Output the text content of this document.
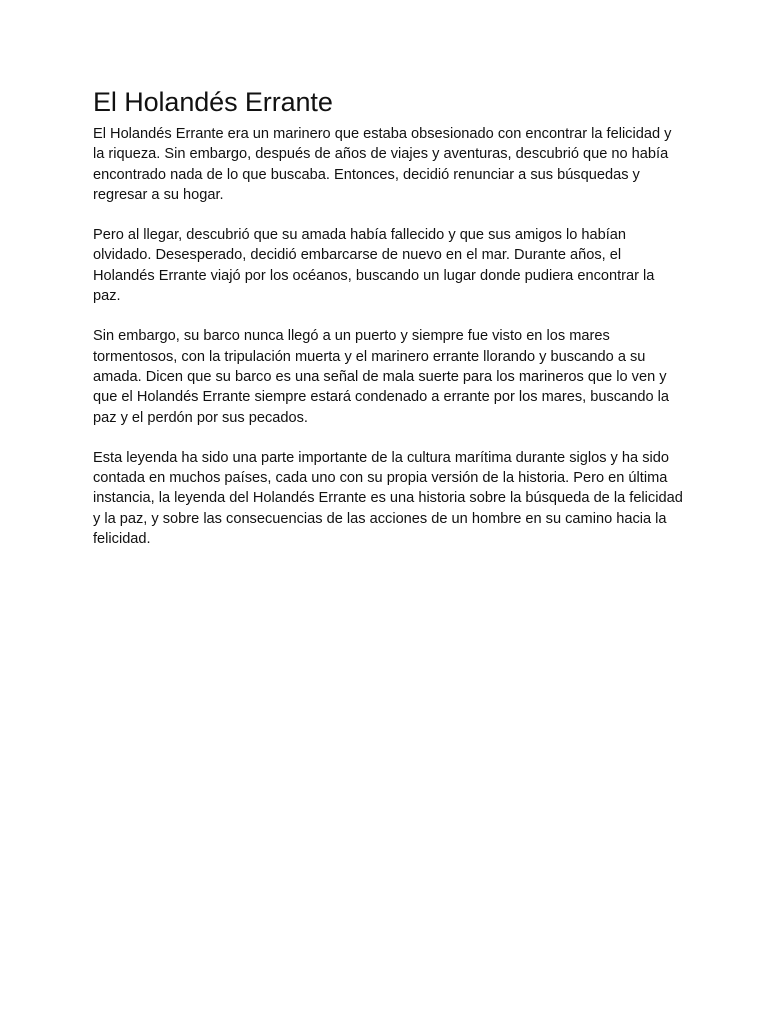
El Holandés Errante

El Holandés Errante era un marinero que estaba obsesionado con encontrar la felicidad y la riqueza. Sin embargo, después de años de viajes y aventuras, descubrió que no había encontrado nada de lo que buscaba. Entonces, decidió renunciar a sus búsquedas y regresar a su hogar.

Pero al llegar, descubrió que su amada había fallecido y que sus amigos lo habían olvidado. Desesperado, decidió embarcarse de nuevo en el mar. Durante años, el Holandés Errante viajó por los océanos, buscando un lugar donde pudiera encontrar la paz.

Sin embargo, su barco nunca llegó a un puerto y siempre fue visto en los mares tormentosos, con la tripulación muerta y el marinero errante llorando y buscando a su amada. Dicen que su barco es una señal de mala suerte para los marineros que lo ven y que el Holandés Errante siempre estará condenado a errante por los mares, buscando la paz y el perdón por sus pecados.

Esta leyenda ha sido una parte importante de la cultura marítima durante siglos y ha sido contada en muchos países, cada uno con su propia versión de la historia. Pero en última instancia, la leyenda del Holandés Errante es una historia sobre la búsqueda de la felicidad y la paz, y sobre las consecuencias de las acciones de un hombre en su camino hacia la felicidad.
